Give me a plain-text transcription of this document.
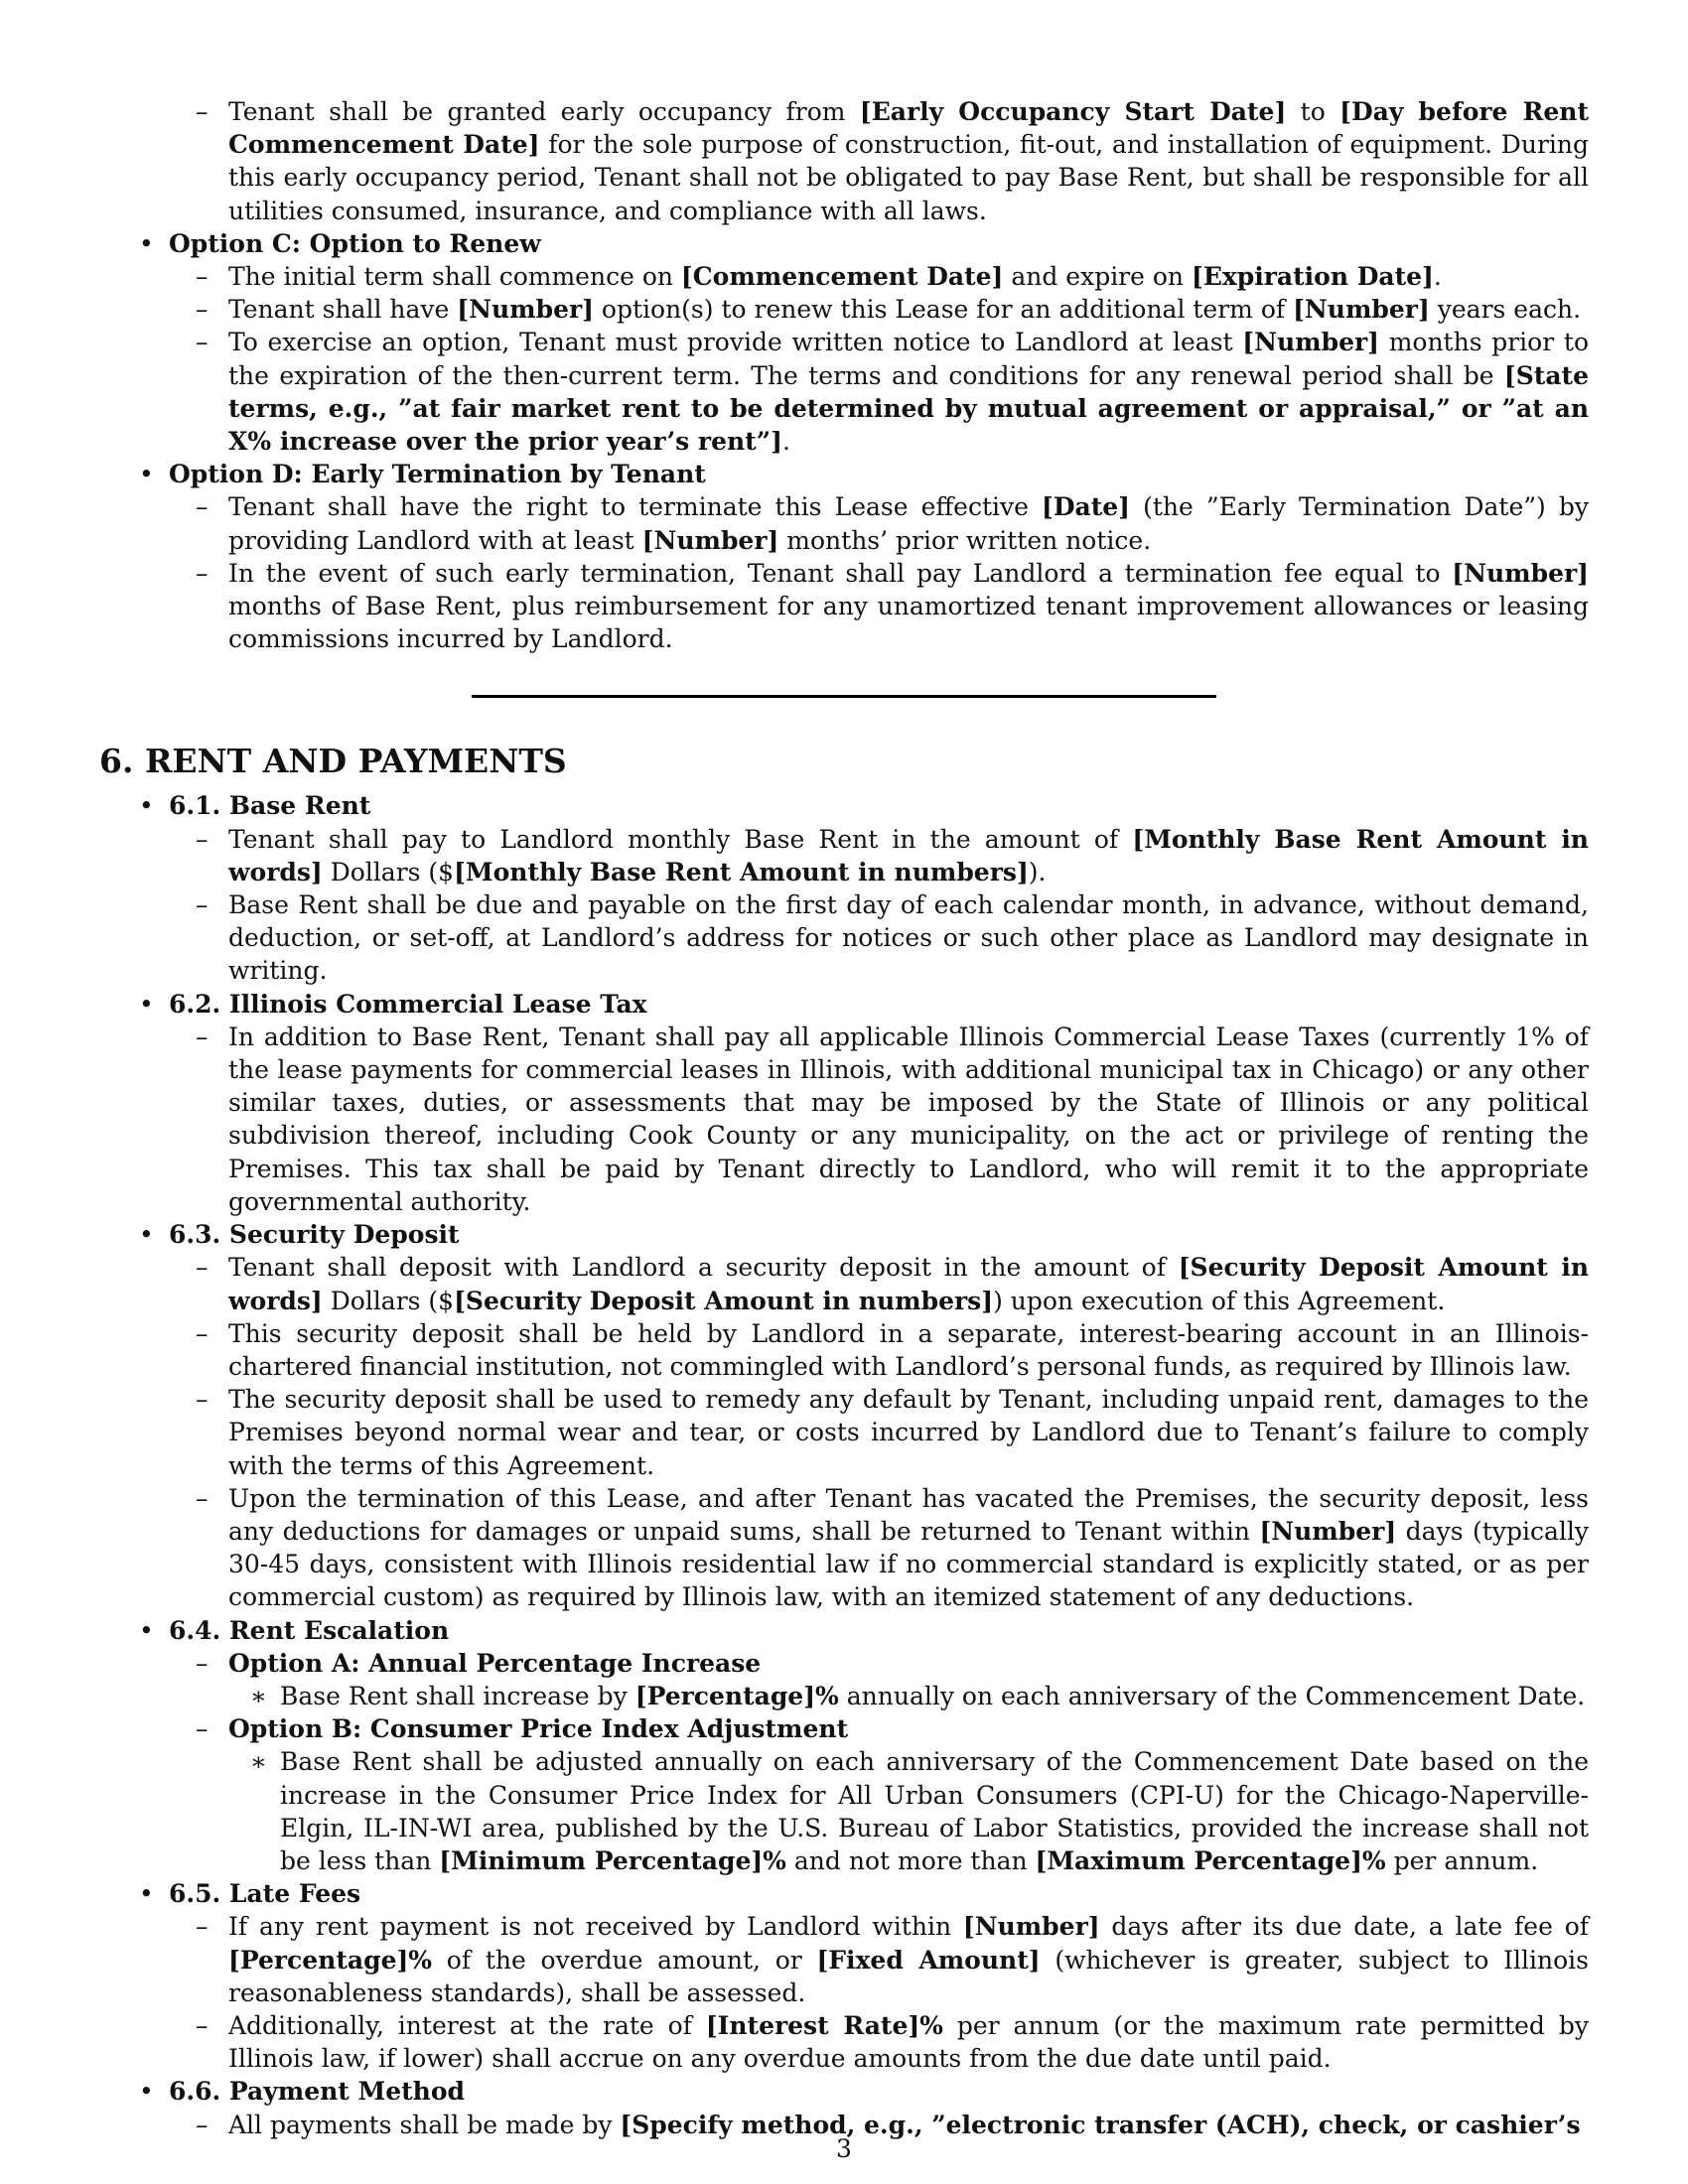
– Tenant shall be granted early occupancy from [Early Occupancy Start Date] to [Day before Rent Commencement Date] for the sole purpose of construction, fit-out, and installation of equipment. During this early occupancy period, Tenant shall not be obligated to pay Base Rent, but shall be responsible for all utilities consumed, insurance, and compliance with all laws.
• Option C: Option to Renew
– The initial term shall commence on [Commencement Date] and expire on [Expiration Date].
– Tenant shall have [Number] option(s) to renew this Lease for an additional term of [Number] years each.
– To exercise an option, Tenant must provide written notice to Landlord at least [Number] months prior to the expiration of the then-current term. The terms and conditions for any renewal period shall be [State terms, e.g., ”at fair market rent to be determined by mutual agreement or appraisal,” or ”at an X% increase over the prior year’s rent”].
• Option D: Early Termination by Tenant
– Tenant shall have the right to terminate this Lease effective [Date] (the ”Early Termination Date”) by providing Landlord with at least [Number] months’ prior written notice.
– In the event of such early termination, Tenant shall pay Landlord a termination fee equal to [Number] months of Base Rent, plus reimbursement for any unamortized tenant improvement allowances or leasing commissions incurred by Landlord.
6. RENT AND PAYMENTS
• 6.1. Base Rent
– Tenant shall pay to Landlord monthly Base Rent in the amount of [Monthly Base Rent Amount in words] Dollars ($[Monthly Base Rent Amount in numbers]).
– Base Rent shall be due and payable on the first day of each calendar month, in advance, without demand, deduction, or set-off, at Landlord’s address for notices or such other place as Landlord may designate in writing.
• 6.2. Illinois Commercial Lease Tax
– In addition to Base Rent, Tenant shall pay all applicable Illinois Commercial Lease Taxes (currently 1% of the lease payments for commercial leases in Illinois, with additional municipal tax in Chicago) or any other similar taxes, duties, or assessments that may be imposed by the State of Illinois or any political subdivision thereof, including Cook County or any municipality, on the act or privilege of renting the Premises. This tax shall be paid by Tenant directly to Landlord, who will remit it to the appropriate governmental authority.
• 6.3. Security Deposit
– Tenant shall deposit with Landlord a security deposit in the amount of [Security Deposit Amount in words] Dollars ($[Security Deposit Amount in numbers]) upon execution of this Agreement.
– This security deposit shall be held by Landlord in a separate, interest-bearing account in an Illinois-chartered financial institution, not commingled with Landlord’s personal funds, as required by Illinois law.
– The security deposit shall be used to remedy any default by Tenant, including unpaid rent, damages to the Premises beyond normal wear and tear, or costs incurred by Landlord due to Tenant’s failure to comply with the terms of this Agreement.
– Upon the termination of this Lease, and after Tenant has vacated the Premises, the security deposit, less any deductions for damages or unpaid sums, shall be returned to Tenant within [Number] days (typically 30-45 days, consistent with Illinois residential law if no commercial standard is explicitly stated, or as per commercial custom) as required by Illinois law, with an itemized statement of any deductions.
• 6.4. Rent Escalation
– Option A: Annual Percentage Increase
∗ Base Rent shall increase by [Percentage]% annually on each anniversary of the Commencement Date.
– Option B: Consumer Price Index Adjustment
∗ Base Rent shall be adjusted annually on each anniversary of the Commencement Date based on the increase in the Consumer Price Index for All Urban Consumers (CPI-U) for the Chicago-Naperville-Elgin, IL-IN-WI area, published by the U.S. Bureau of Labor Statistics, provided the increase shall not be less than [Minimum Percentage]% and not more than [Maximum Percentage]% per annum.
• 6.5. Late Fees
– If any rent payment is not received by Landlord within [Number] days after its due date, a late fee of [Percentage]% of the overdue amount, or [Fixed Amount] (whichever is greater, subject to Illinois reasonableness standards), shall be assessed.
– Additionally, interest at the rate of [Interest Rate]% per annum (or the maximum rate permitted by Illinois law, if lower) shall accrue on any overdue amounts from the due date until paid.
• 6.6. Payment Method
– All payments shall be made by [Specify method, e.g., ”electronic transfer (ACH), check, or cashier’s
3
